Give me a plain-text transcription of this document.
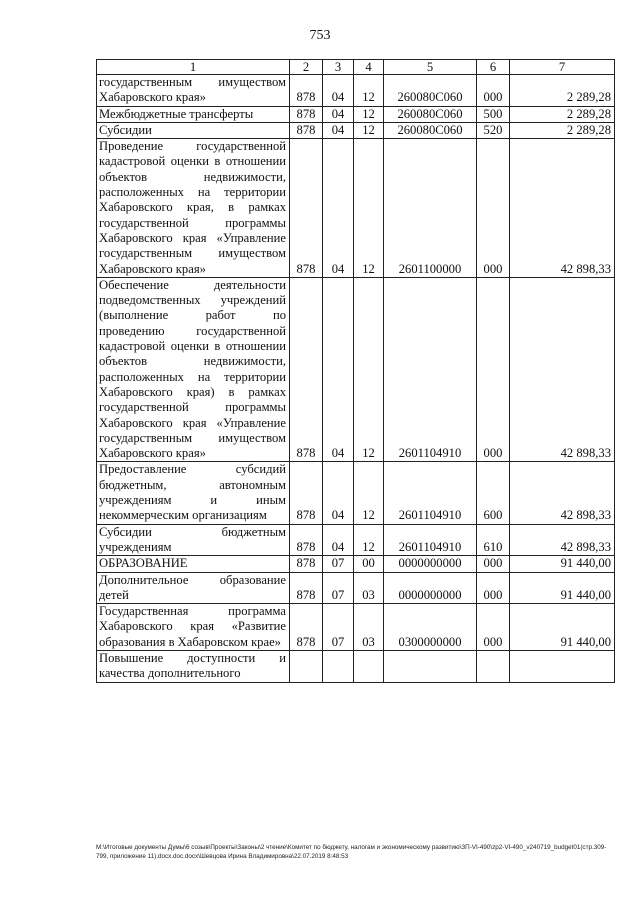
753
1	2	3	4	5	6	7
государственным имуществом Хабаровского края»	878	04	12	260080С060	000	2 289,28
Межбюджетные трансферты	878	04	12	260080С060	500	2 289,28
Субсидии	878	04	12	260080С060	520	2 289,28
Проведение государственной кадастровой оценки в отношении объектов недвижимости, расположенных на территории Хабаровского края, в рамках государственной программы Хабаровского края «Управление государственным имуществом Хабаровского края»	878	04	12	2601100000	000	42 898,33
Обеспечение деятельности подведомственных учреждений (выполнение работ по проведению государственной кадастровой оценки в отношении объектов недвижимости, расположенных на территории Хабаровского края) в рамках государственной программы Хабаровского края «Управление государственным имуществом Хабаровского края»	878	04	12	2601104910	000	42 898,33
Предоставление субсидий бюджетным, автономным учреждениям и иным некоммерческим организациям	878	04	12	2601104910	600	42 898,33
Субсидии бюджетным учреждениям	878	04	12	2601104910	610	42 898,33
ОБРАЗОВАНИЕ	878	07	00	0000000000	000	91 440,00
Дополнительное образование детей	878	07	03	0000000000	000	91 440,00
Государственная программа Хабаровского края «Развитие образования в Хабаровском крае»	878	07	03	0300000000	000	91 440,00
Повышение доступности и качества дополнительного						
M:\Итоговые документы Думы\6 созыв\Проекты\Законы\2 чтение\Комитет по бюджету, налогам и экономическому развитию\ЗП-VI-490\zp2-VI-490_v240719_budget01(стр.309-799, приложение 11).docx.doc.docx\Шевцова Ирина Владимировна\22.07.2019 8:48:53
